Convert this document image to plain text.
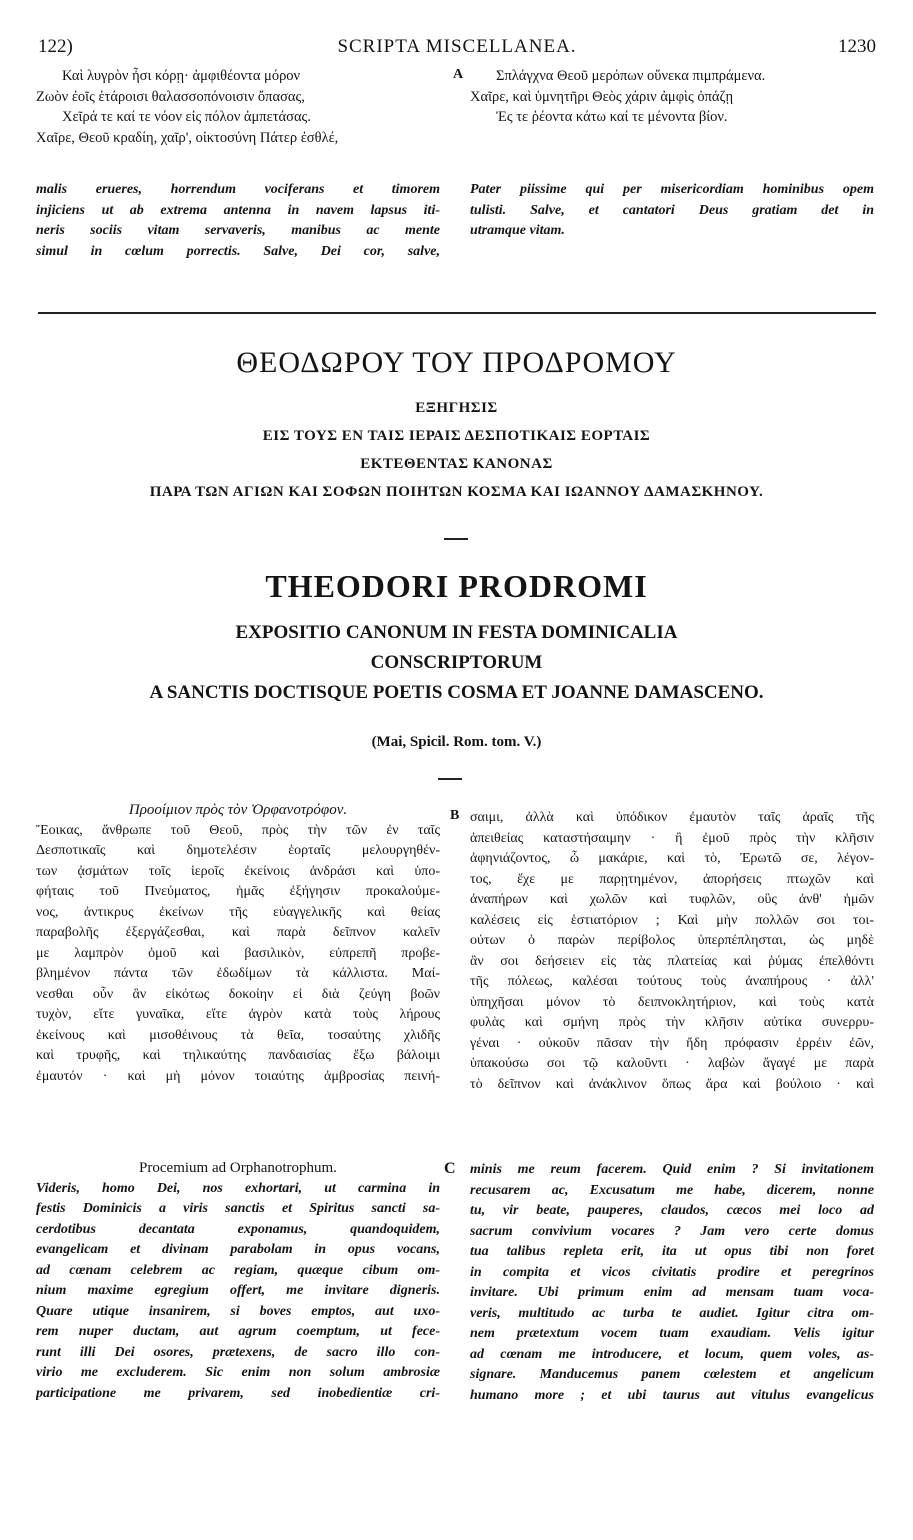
122)	SCRIPTA MISCELLANEA.	1230
Καὶ λυγρὸν ἦσι κόρῃ· ἀμφιθέοντα μόρον
Ζωὸν ἐοῖς ἑτάροισι θαλασσοπόνοισιν ὄπασας,
Χεῖρά τε καί τε νόον εἰς πόλον ἀμπετάσας.
Χαῖρε, Θεοῦ κραδίη, χαῖρ', οἰκτοσύνη Πάτερ ἐσθλέ,
A	Σπλάγχνα Θεοῦ μερόπων οὕνεκα πιμπράμενα.
Χαῖρε, καὶ ὑμνητῆρι Θεὸς χάριν ἀμφὶς ὀπάζῃ
Ἐς τε ῥέοντα κάτω καί τε μένοντα βίον.
malis erueres, horrendum vociferans et timorem
injiciens ut ab extrema antenna in navem lapsus iti-
neris sociis vitam servaveris, manibus ac mente
simul in cœlum porrectis. Salve, Dei cor, salve,
Pater piissime qui per misericordiam hominibus opem
tulisti. Salve, et cantatori Deus gratiam det in
utramque vitam.
ΘΕΟΔΩΡΟΥ ΤΟΥ ΠΡΟΔΡΟΜΟΥ
ΕΞΗΓΗΣΙΣ
ΕΙΣ ΤΟΥΣ ΕΝ ΤΑΙΣ ΙΕΡΑΙΣ ΔΕΣΠΟΤΙΚΑΙΣ ΕΟΡΤΑΙΣ
ΕΚΤΕΘΕΝΤΑΣ ΚΑΝΟΝΑΣ
ΠΑΡΑ ΤΩΝ ΑΓΙΩΝ ΚΑΙ ΣΟΦΩΝ ΠΟΙΗΤΩΝ ΚΟΣΜΑ ΚΑΙ ΙΩΑΝΝΟΥ ΔΑΜΑΣΚΗΝΟΥ.
THEODORI PRODROMI
EXPOSITIO CANONUM IN FESTA DOMINICALIA
CONSCRIPTORUM
A SANCTIS DOCTISQUE POETIS COSMA ET JOANNE DAMASCENO.
(Mai, Spicil. Rom. tom. V.)
Προοίμιον πρὸς τὸν Ὀρφανοτρόφον.
Ἔοικας, ἄνθρωπε τοῦ Θεοῦ, πρὸς τὴν τῶν ἐν ταῖς
Δεσποτικαῖς καὶ δημοτελέσιν ἑορταῖς μελουργηθέν-
των ᾀσμάτων τοῖς ἱεροῖς ἐκείνοις ἀνδράσι καὶ ὑπο-
φήταις τοῦ Πνεύματος, ἡμᾶς ἐξήγησιν προκαλούμε-
νος, ἀντικρυς ἐκείνων τῆς εὐαγγελικῆς καὶ θείας
παραβολῆς ἐξεργάζεσθαι, καὶ παρὰ δεῖπνον καλεῖν
με λαμπρὸν ὁμοῦ καὶ βασιλικὸν, εὐπρεπῆ προβε-
βλημένον πάντα τῶν ἐδωδίμων τὰ κάλλιστα. Μαί-
νεσθαι οὖν ἂν εἰκότως δοκοίην εἰ διὰ ζεύγη βοῶν
τυχὸν, εἴτε γυναῖκα, εἴτε ἀγρὸν κατὰ τοὺς λήρους
ἐκείνους καὶ μισοθέινους τὰ θεῖα, τοσαύτης χλιδῆς
καὶ τρυφῆς, καὶ τηλικαύτης πανδαισίας ἔξω βάλοιμι
ἐμαυτόν · καὶ μὴ μόνον τοιαύτης ἀμβροσίας πειvή-
B σαιμι, ἀλλὰ καὶ ὑπόδικον ἐμαυτὸν ταῖς ἀραῖς τῆς
ἀπειθείας καταστήσαιμην · ἢ ἐμοῦ πρὸς τὴν κλῆσιν
ἀφηνιάζοντος, ὦ μακάριε, καὶ τὸ, Ἐρωτῶ σε, λέγον-
τος, ἔχε με παρῃτημένον, ἀπορήσεις πτωχῶν καὶ
ἀναπήρων καὶ χωλῶν καὶ τυφλῶν, οὓς ἀνθ' ἡμῶν
καλέσεις εἰς ἑστιατόριον ; Καὶ μὴν πολλῶν σοι τοι-
ούτων ὁ παρὼν περίβολος ὑπερπέπλησται, ὡς μηδὲ
ἂν σοι δεήσειεν εἰς τὰς πλατείας καὶ ῥύμας ἐπελθόντι
τῆς πόλεως, καλέσαι τούτους τοὺς ἀναπήρους · ἀλλ'
ὑπηχῆσαι μόνον τὸ δειπνοκλητήριον, καὶ τοὺς κατὰ
φυλὰς καὶ σμήνη πρὸς τὴν κλῆσιν αὐτίκα συνερρυ-
γέναι · οὐκοῦν πᾶσαν τὴν ἤδη πρόφασιν ἐρρέιν ἐῶν,
ὑπακούσω σοι τῷ καλοῦντι · λαβὼν ἄγαγέ με παρὰ
τὸ δεῖπνον καὶ ἀνάκλινον ὅπως ἄρα καὶ βούλοιο · καὶ
Procemium ad Orphanotrophum.
Videris, homo Dei, nos exhortari, ut carmina in
festis Dominicis a viris sanctis et Spiritus sancti sa-
cerdotibus decantata exponamus, quandoquidem,
evangelicam et divinam parabolam in opus vocans,
ad cœnam celebrem ac regiam, quæque cibum om-
nium maxime egregium offert, me invitare digneris.
Quare utique insanirem, si boves emptos, aut uxo-
rem nuper ductam, aut agrum coemptum, ut fece-
runt illi Dei osores, prætexens, de sacro illo con-
virio me excluderem. Sic enim non solum ambrosiæ
participatione me privarem, sed inobedientiæ cri-
C minis me reum facerem. Quid enim ? Si invitationem
recusarem ac, Excusatum me habe, dicerem, nonne
tu, vir beate, pauperes, claudos, cæcos mei loco ad
sacrum convivium vocares ? Jam vero certe domus
tua talibus repleta erit, ita ut opus tibi non foret
in compita et vicos civitatis prodire et peregrinos
invitare. Ubi primum enim ad mensam tuam voca-
veris, multitudo ac turba te audiet. Igitur citra om-
nem prætextum vocem tuam exaudiam. Velis igitur
ad cœnam me introducere, et locum, quem voles, as-
signare. Manducemus panem cœlestem et angelicum
humano more ; et ubi taurus aut vitulus evangelicus
